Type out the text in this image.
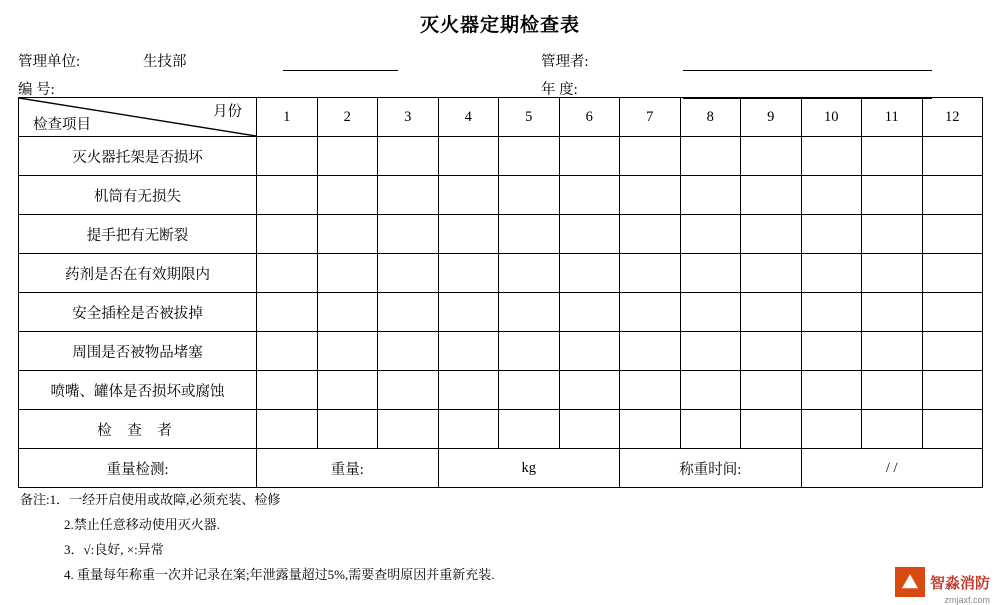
灭火器定期检查表
管理单位:	生技部	管理者:
编 号:	年 度:
月份
检查项目	1	2	3	4	5	6	7	8	9	10	11	12
灭火器托架是否损坏												
机筒有无损失												
提手把有无断裂												
药剂是否在有效期限内												
安全插栓是否被拔掉												
周围是否被物品堵塞												
喷嘴、罐体是否损坏或腐蚀												
检 查 者												
重量检测:	重量:			kg			称重时间:			/ /		
备注:1．一经开启使用或故障,必须充装、检修
2.禁止任意移动使用灭火器.
3．√:良好, ×:异常
4. 重量每年称重一次并记录在案;年泄露量超过5%,需要查明原因并重新充装.	智淼消防
zmjaxf.com
